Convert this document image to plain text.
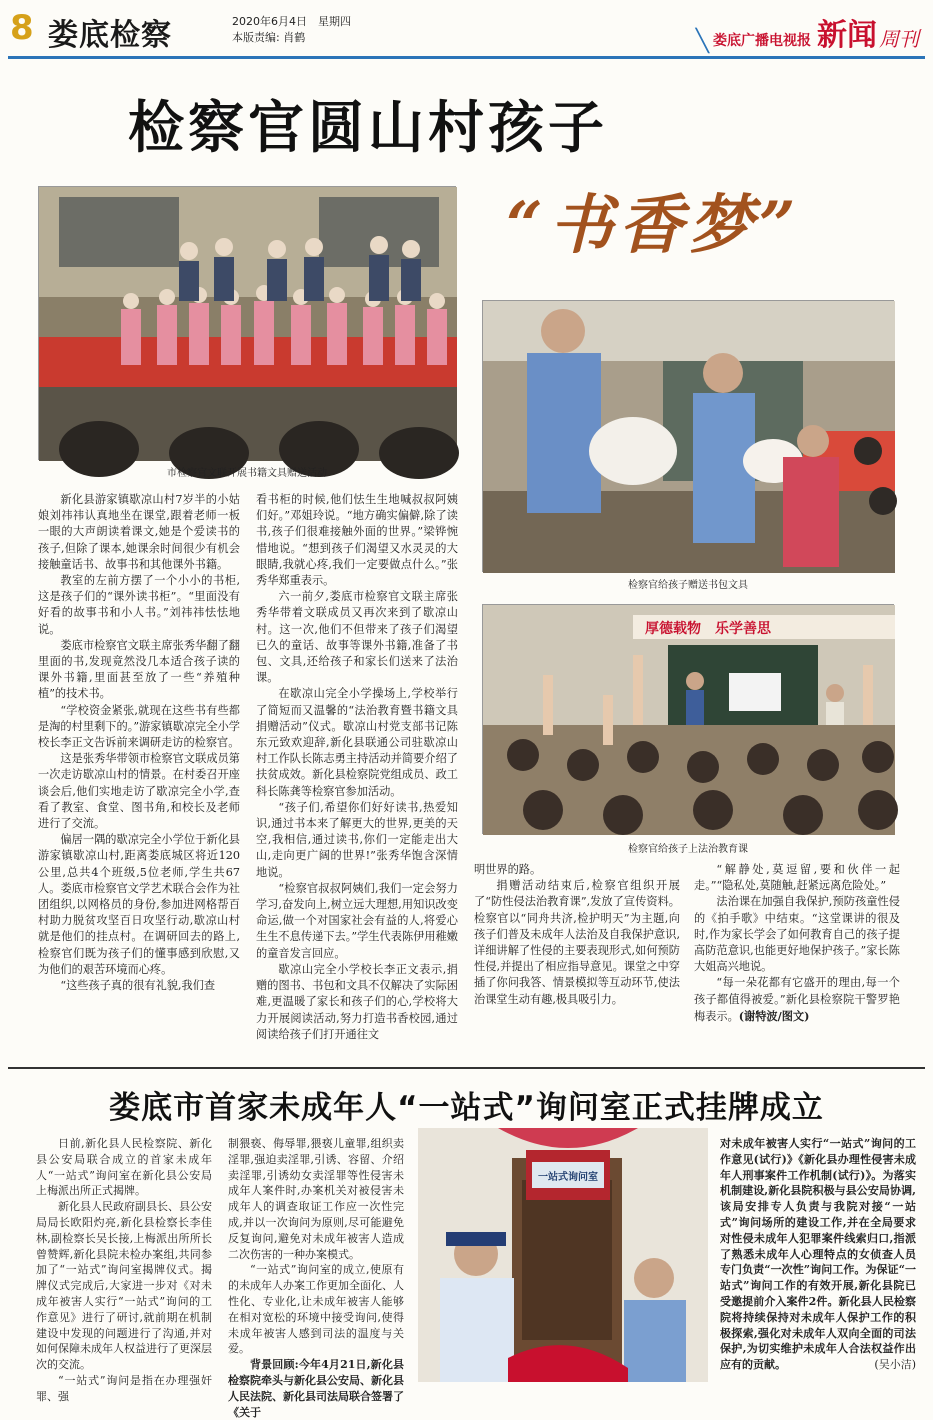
8 娄底检察	2020年6月4日　星期四
本版责编: 肖鹤	╲ 娄底广播电视报 新闻 周刊
检察官圆山村孩子
“书香梦”
市检察官文联开展书籍文具赠送活动
检察官给孩子赠送书包文具
厚德载物　乐学善思
检察官给孩子上法治教育课

新化县游家镇歇凉山村7岁半的小姑娘刘祎祎认真地坐在课堂,跟着老师一板一眼的大声朗读着课文,她是个爱读书的孩子,但除了课本,她课余时间很少有机会接触童话书、故事书和其他课外书籍。

教室的左前方摆了一个小小的书柜,这是孩子们的“课外读书柜”。“里面没有好看的故事书和小人书。”刘祎祎怯怯地说。

娄底市检察官文联主席张秀华翻了翻里面的书,发现竟然没几本适合孩子读的课外书籍,里面甚至放了一些“养殖种植”的技术书。

“学校资金紧张,就现在这些书有些都是淘的村里剩下的。”游家镇歇凉完全小学校长李正文告诉前来调研走访的检察官。

这是张秀华带领市检察官文联成员第一次走访歇凉山村的情景。在村委召开座谈会后,他们实地走访了歇凉完全小学,查看了教室、食堂、图书角,和校长及老师进行了交流。

偏居一隅的歇凉完全小学位于新化县游家镇歇凉山村,距离娄底城区将近120公里,总共4个班级,5位老师,学生共67人。娄底市检察官文学艺术联合会作为社团组织,以网格员的身份,参加进网格帮百村助力脱贫攻坚百日攻坚行动,歇凉山村就是他们的挂点村。在调研回去的路上,检察官们既为孩子们的懂事感到欣慰,又为他们的艰苦环境而心疼。

“这些孩子真的很有礼貌,我们查

看书柜的时候,他们怯生生地喊叔叔阿姨们好。”邓姐玲说。“地方确实偏僻,除了读书,孩子们很难接触外面的世界。”梁铧惋惜地说。“想到孩子们渴望又水灵灵的大眼睛,我就心疼,我们一定要做点什么。”张秀华郑重表示。

六一前夕,娄底市检察官文联主席张秀华带着文联成员又再次来到了歇凉山村。这一次,他们不但带来了孩子们渴望已久的童话、故事等课外书籍,准备了书包、文具,还给孩子和家长们送来了法治课。

在歇凉山完全小学操场上,学校举行了简短而又温馨的“法治教育暨书籍文具捐赠活动”仪式。歇凉山村党支部书记陈东元致欢迎辞,新化县联通公司驻歇凉山村工作队长陈志勇主持活动并简要介绍了扶贫成效。新化县检察院党组成员、政工科长陈龚等检察官参加活动。

“孩子们,希望你们好好读书,热爱知识,通过书本来了解更大的世界,更美的天空,我相信,通过读书,你们一定能走出大山,走向更广阔的世界!”张秀华饱含深情地说。

“检察官叔叔阿姨们,我们一定会努力学习,奋发向上,树立远大理想,用知识改变命运,做一个对国家社会有益的人,将爱心生生不息传递下去。”学生代表陈伊用稚嫩的童音发言回应。

歇凉山完全小学校长李正文表示,捐赠的图书、书包和文具不仅解决了实际困难,更温暖了家长和孩子们的心,学校将大力开展阅读活动,努力打造书香校园,通过阅读给孩子们打开通往文

明世界的路。

捐赠活动结束后,检察官组织开展了“防性侵法治教育课”,发放了宣传资料。检察官以“同舟共济,检护明天”为主题,向孩子们普及未成年人法治及自我保护意识,详细讲解了性侵的主要表现形式,如何预防性侵,并提出了相应指导意见。课堂之中穿插了你问我答、情景模拟等互动环节,使法治课堂生动有趣,极具吸引力。

“解静处,莫逗留,要和伙伴一起走。”“隐私处,莫随触,赶紧远离危险处。”

法治课在加强自我保护,预防孩童性侵的《拍手歌》中结束。“这堂课讲的很及时,作为家长学会了如何教育自己的孩子提高防范意识,也能更好地保护孩子。”家长陈大姐高兴地说。

“每一朵花都有它盛开的理由,每一个孩子都值得被爱。”新化县检察院干警罗艳梅表示。(谢特波/图文)

娄底市首家未成年人“一站式”询问室正式挂牌成立

日前,新化县人民检察院、新化县公安局联合成立的首家未成年人“一站式”询问室在新化县公安局上梅派出所正式揭牌。

新化县人民政府副县长、县公安局局长欧阳灼亮,新化县检察长李佳林,副检察长吴长接,上梅派出所所长曾赞辉,新化县院未检办案组,共同参加了“一站式”询问室揭牌仪式。揭牌仪式完成后,大家进一步对《对未成年被害人实行“一站式”询问的工作意见》进行了研讨,就前期在机制建设中发现的问题进行了沟通,并对如何保障未成年人权益进行了更深层次的交流。

“一站式”询问是指在办理强奸罪、强

制猥亵、侮辱罪,猥亵儿童罪,组织卖淫罪,强迫卖淫罪,引诱、容留、介绍卖淫罪,引诱幼女卖淫罪等性侵害未成年人案件时,办案机关对被侵害未成年人的调查取证工作应一次性完成,并以一次询问为原则,尽可能避免反复询问,避免对未成年被害人造成二次伤害的一种办案模式。

“一站式”询问室的成立,使原有的未成年人办案工作更加全面化、人性化、专业化,让未成年被害人能够在相对宽松的环境中接受询问,使得未成年被害人感到司法的温度与关爱。

背景回顾:今年4月21日,新化县检察院牵头与新化县公安局、新化县人民法院、新化县司法局联合签署了《关于

一站式询问室

对未成年被害人实行“一站式”询问的工作意见(试行)》《新化县办理性侵害未成年人刑事案件工作机制(试行)》。为落实机制建设,新化县院积极与县公安局协调,该局安排专人负责与我院对接“一站式”询问场所的建设工作,并在全局要求对性侵未成年人犯罪案件线索归口,指派了熟悉未成年人心理特点的女侦查人员专门负责“一次性”询问工作。为保证“一站式”询问工作的有效开展,新化县院已受邀提前介入案件2件。新化县人民检察院将持续保持对未成年人保护工作的积极探索,强化对未成年人双向全面的司法保护,为切实维护未成年人合法权益作出应有的贡献。	(吴小洁)
